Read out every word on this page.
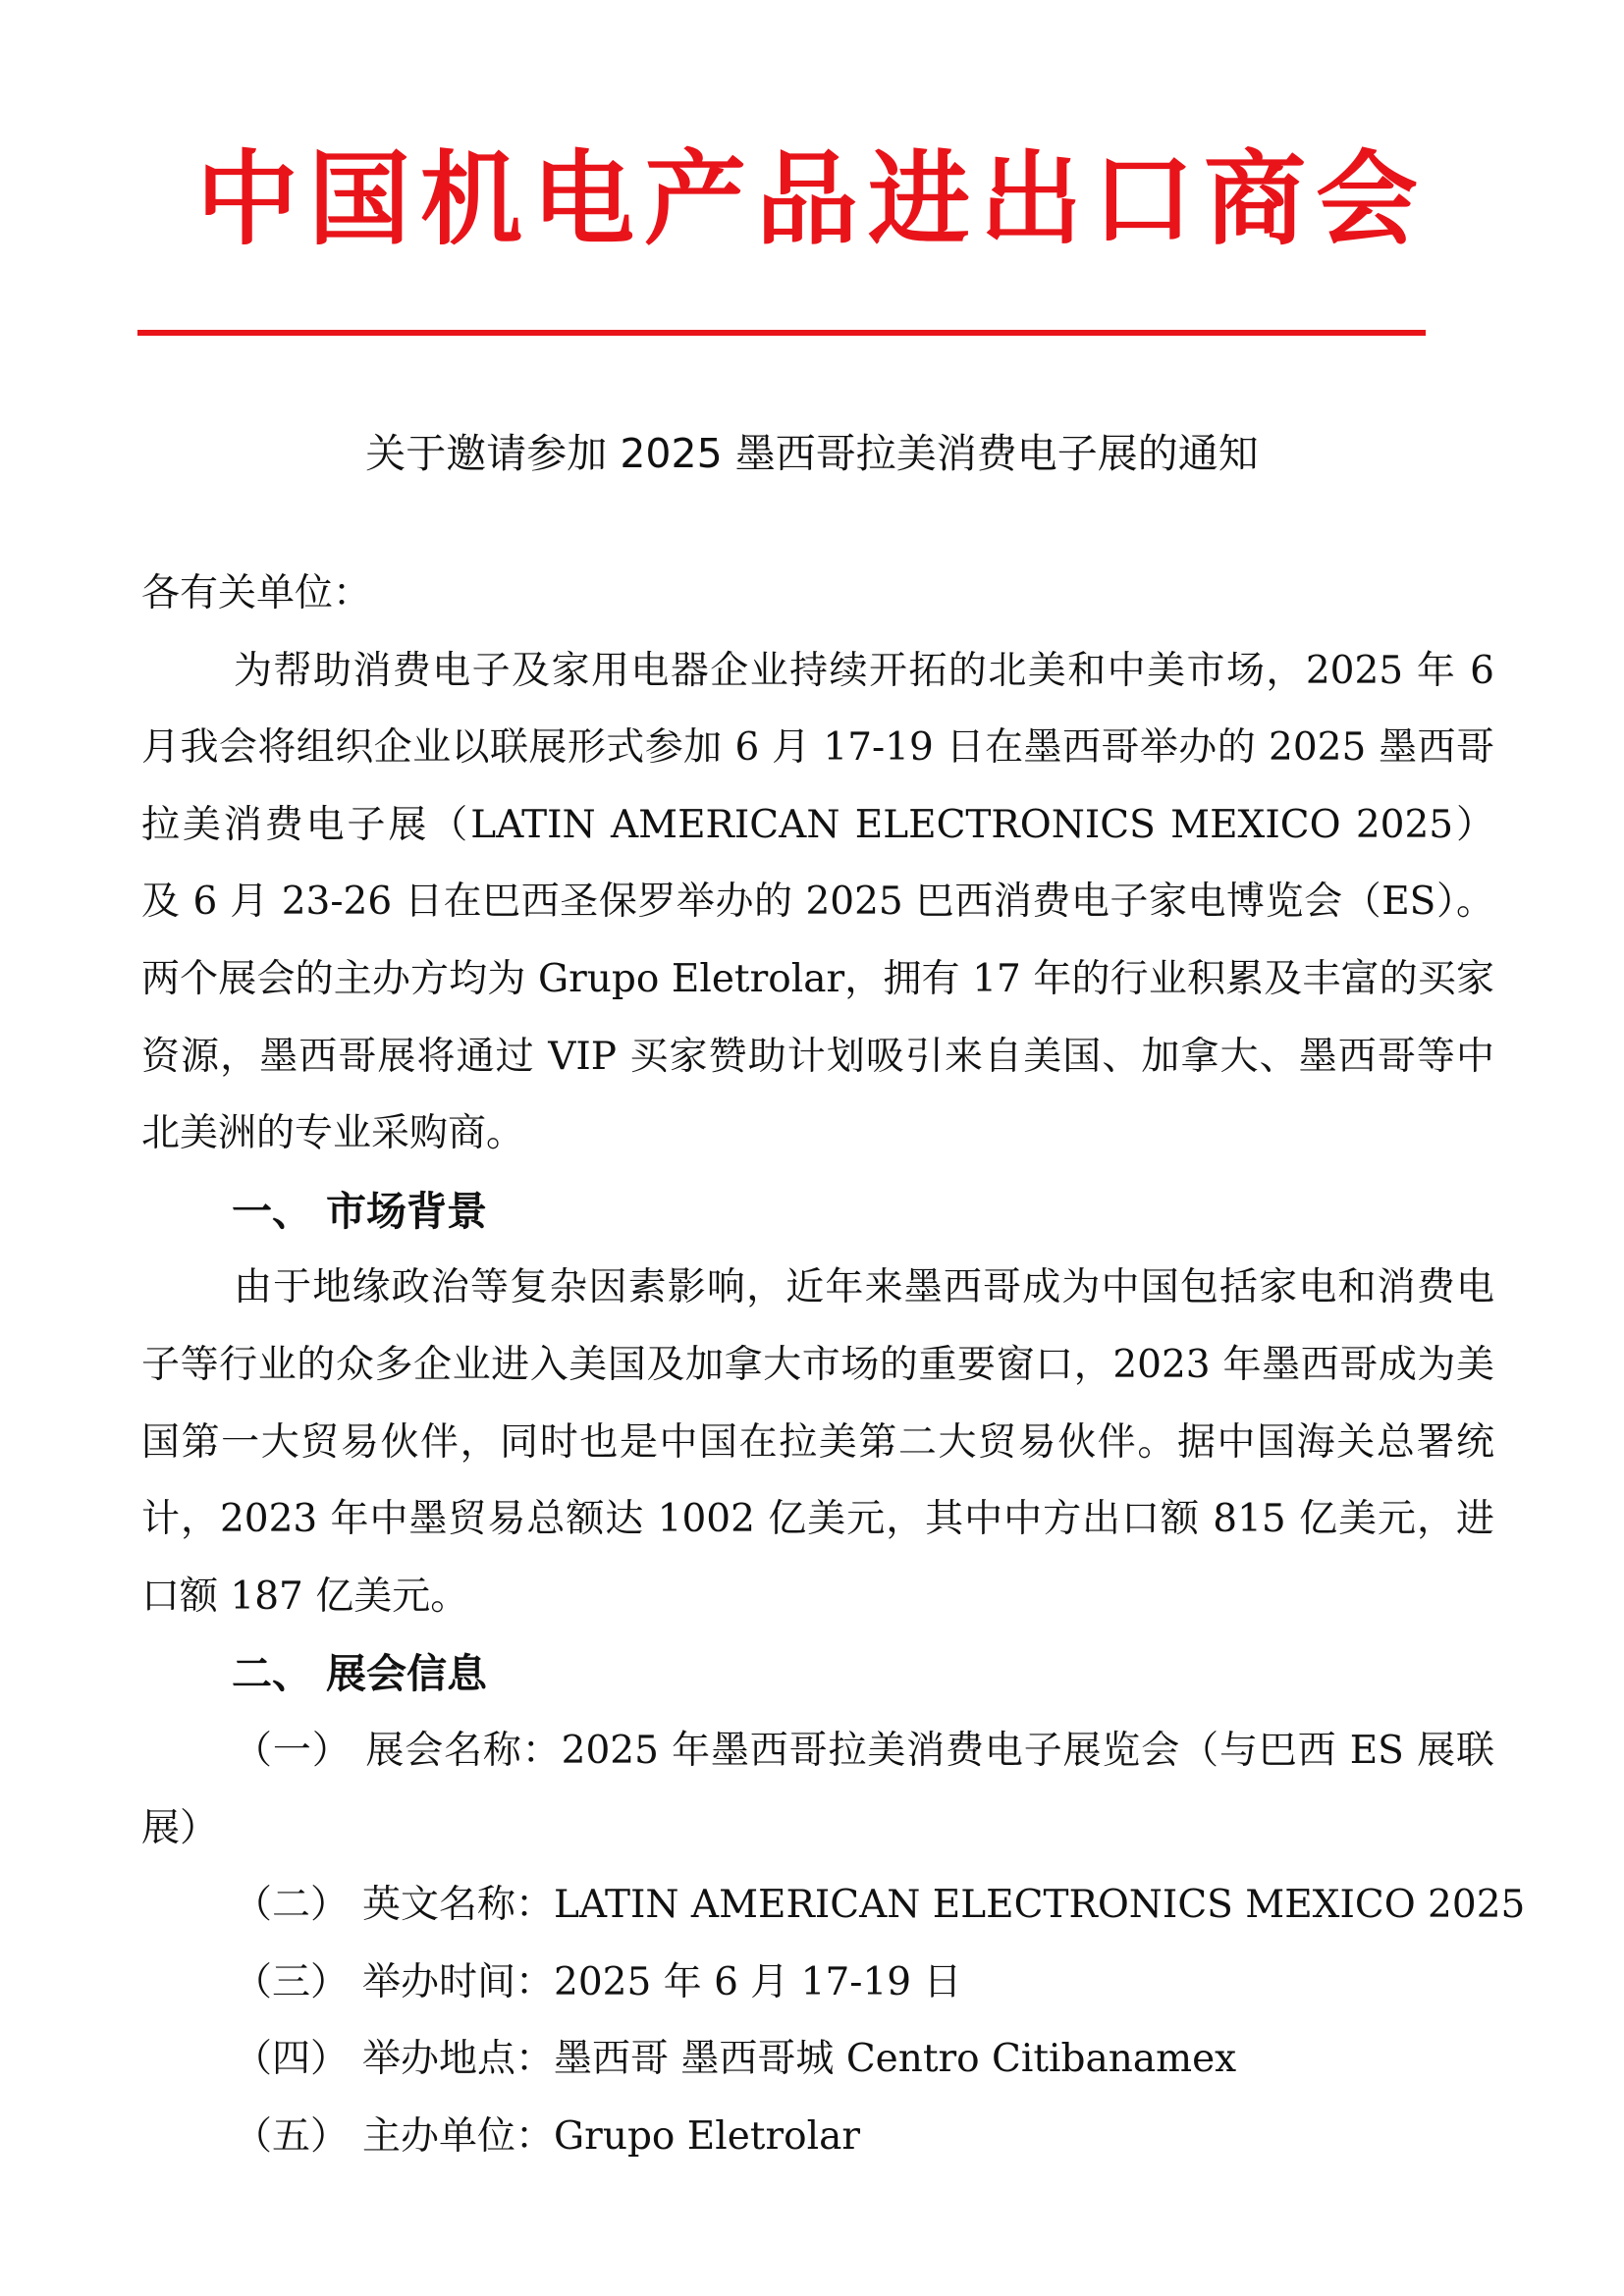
中国机电产品进出口商会
关于邀请参加 2025 墨西哥拉美消费电子展的通知

各有关单位：

为帮助消费电子及家用电器企业持续开拓的北美和中美市场，2025 年 6 月我会将组织企业以联展形式参加 6 月 17-19 日在墨西哥举办的 2025 墨西哥拉美消费电子展（LATIN AMERICAN ELECTRONICS MEXICO 2025）及 6 月 23-26 日在巴西圣保罗举办的 2025 巴西消费电子家电博览会（ES）。两个展会的主办方均为 Grupo Eletrolar，拥有 17 年的行业积累及丰富的买家资源，墨西哥展将通过 VIP 买家赞助计划吸引来自美国、加拿大、墨西哥等中北美洲的专业采购商。

一、 市场背景

由于地缘政治等复杂因素影响，近年来墨西哥成为中国包括家电和消费电子等行业的众多企业进入美国及加拿大市场的重要窗口，2023 年墨西哥成为美国第一大贸易伙伴，同时也是中国在拉美第二大贸易伙伴。据中国海关总署统计，2023 年中墨贸易总额达 1002 亿美元，其中中方出口额 815 亿美元，进口额 187 亿美元。

二、 展会信息

（一） 展会名称：2025 年墨西哥拉美消费电子展览会（与巴西 ES 展联展）

（二） 英文名称：LATIN AMERICAN ELECTRONICS MEXICO 2025

（三） 举办时间：2025 年 6 月 17-19 日

（四） 举办地点：墨西哥 墨西哥城 Centro Citibanamex

（五） 主办单位：Grupo Eletrolar
